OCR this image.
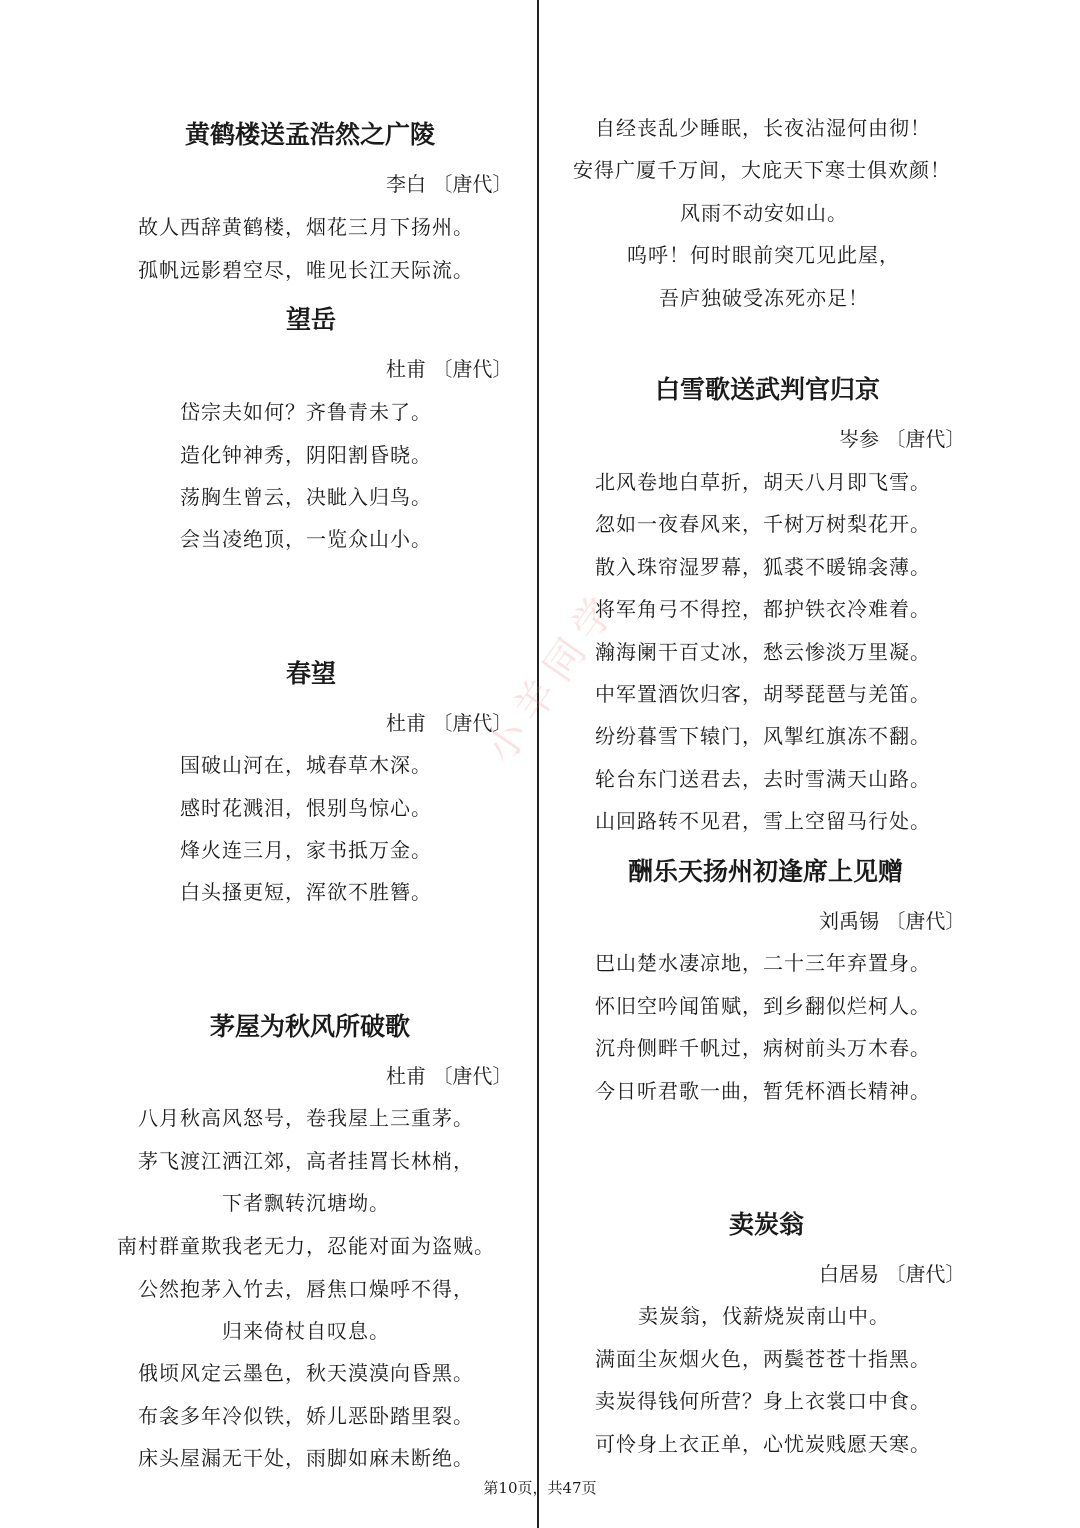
小羊同学
黄鹤楼送孟浩然之广陵
李白 〔唐代〕
故人西辞黄鹤楼，烟花三月下扬州。
孤帆远影碧空尽，唯见长江天际流。
望岳
杜甫 〔唐代〕
岱宗夫如何？齐鲁青未了。
造化钟神秀，阴阳割昏晓。
荡胸生曾云，决眦入归鸟。
会当凌绝顶，一览众山小。
春望
杜甫 〔唐代〕
国破山河在，城春草木深。
感时花溅泪，恨别鸟惊心。
烽火连三月，家书抵万金。
白头搔更短，浑欲不胜簪。
茅屋为秋风所破歌
杜甫 〔唐代〕
八月秋高风怒号，卷我屋上三重茅。
茅飞渡江洒江郊，高者挂罥长林梢，
下者飘转沉塘坳。
南村群童欺我老无力，忍能对面为盗贼。
公然抱茅入竹去，唇焦口燥呼不得，
归来倚杖自叹息。
俄顷风定云墨色，秋天漠漠向昏黑。
布衾多年冷似铁，娇儿恶卧踏里裂。
床头屋漏无干处，雨脚如麻未断绝。
自经丧乱少睡眠，长夜沾湿何由彻！
安得广厦千万间，大庇天下寒士俱欢颜！
风雨不动安如山。
呜呼！何时眼前突兀见此屋，
吾庐独破受冻死亦足！
白雪歌送武判官归京
岑参 〔唐代〕
北风卷地白草折，胡天八月即飞雪。
忽如一夜春风来，千树万树梨花开。
散入珠帘湿罗幕，狐裘不暖锦衾薄。
将军角弓不得控，都护铁衣冷难着。
瀚海阑干百丈冰，愁云惨淡万里凝。
中军置酒饮归客，胡琴琵琶与羌笛。
纷纷暮雪下辕门，风掣红旗冻不翻。
轮台东门送君去，去时雪满天山路。
山回路转不见君，雪上空留马行处。
酬乐天扬州初逢席上见赠
刘禹锡 〔唐代〕
巴山楚水凄凉地，二十三年弃置身。
怀旧空吟闻笛赋，到乡翻似烂柯人。
沉舟侧畔千帆过，病树前头万木春。
今日听君歌一曲，暂凭杯酒长精神。
卖炭翁
白居易 〔唐代〕
卖炭翁，伐薪烧炭南山中。
满面尘灰烟火色，两鬓苍苍十指黑。
卖炭得钱何所营？身上衣裳口中食。
可怜身上衣正单，心忧炭贱愿天寒。
第10页，共47页
